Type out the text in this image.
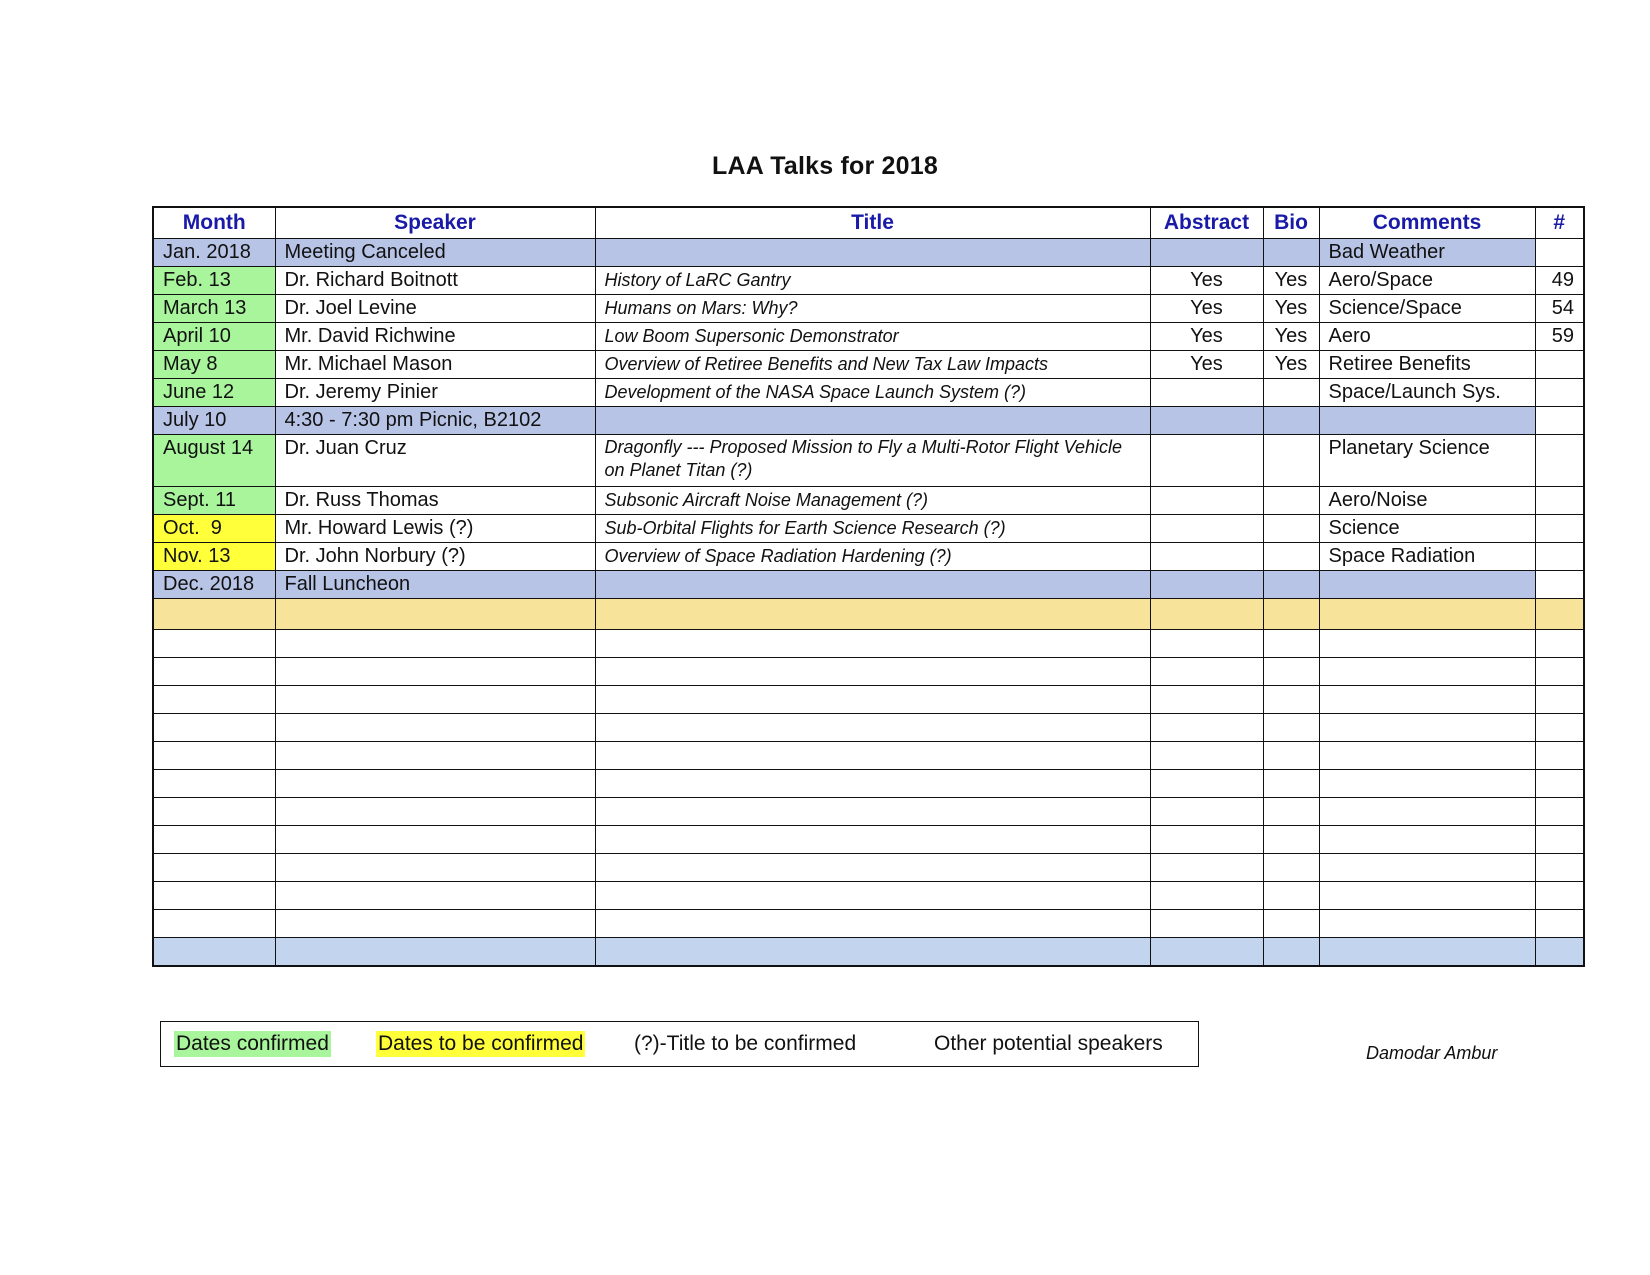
LAA Talks for 2018
Month	Speaker	Title	Abstract	Bio	Comments	#
Jan. 2018	Meeting Canceled				Bad Weather	
Feb. 13	Dr. Richard Boitnott	History of LaRC Gantry	Yes	Yes	Aero/Space	49
March 13	Dr. Joel Levine	Humans on Mars: Why?	Yes	Yes	Science/Space	54
April 10	Mr. David Richwine	Low Boom Supersonic Demonstrator	Yes	Yes	Aero	59
May 8	Mr. Michael Mason	Overview of Retiree Benefits and New Tax Law Impacts	Yes	Yes	Retiree Benefits	
June 12	Dr. Jeremy Pinier	Development of the NASA Space Launch System (?)			Space/Launch Sys.	
July 10	4:30 - 7:30 pm Picnic, B2102					
August 14	Dr. Juan Cruz	Dragonfly --- Proposed Mission to Fly a Multi-Rotor Flight Vehicle on Planet Titan (?)			Planetary Science	
Sept. 11	Dr. Russ Thomas	Subsonic Aircraft Noise Management (?)			Aero/Noise	
Oct.  9	Mr. Howard Lewis (?)	Sub-Orbital Flights for Earth Science Research (?)			Science	
Nov. 13	Dr. John Norbury (?)	Overview of Space Radiation Hardening (?)			Space Radiation	
Dec. 2018	Fall Luncheon					

Dates confirmed Dates to be confirmed (?)-Title to be confirmed	Other potential speakers	Damodar Ambur
